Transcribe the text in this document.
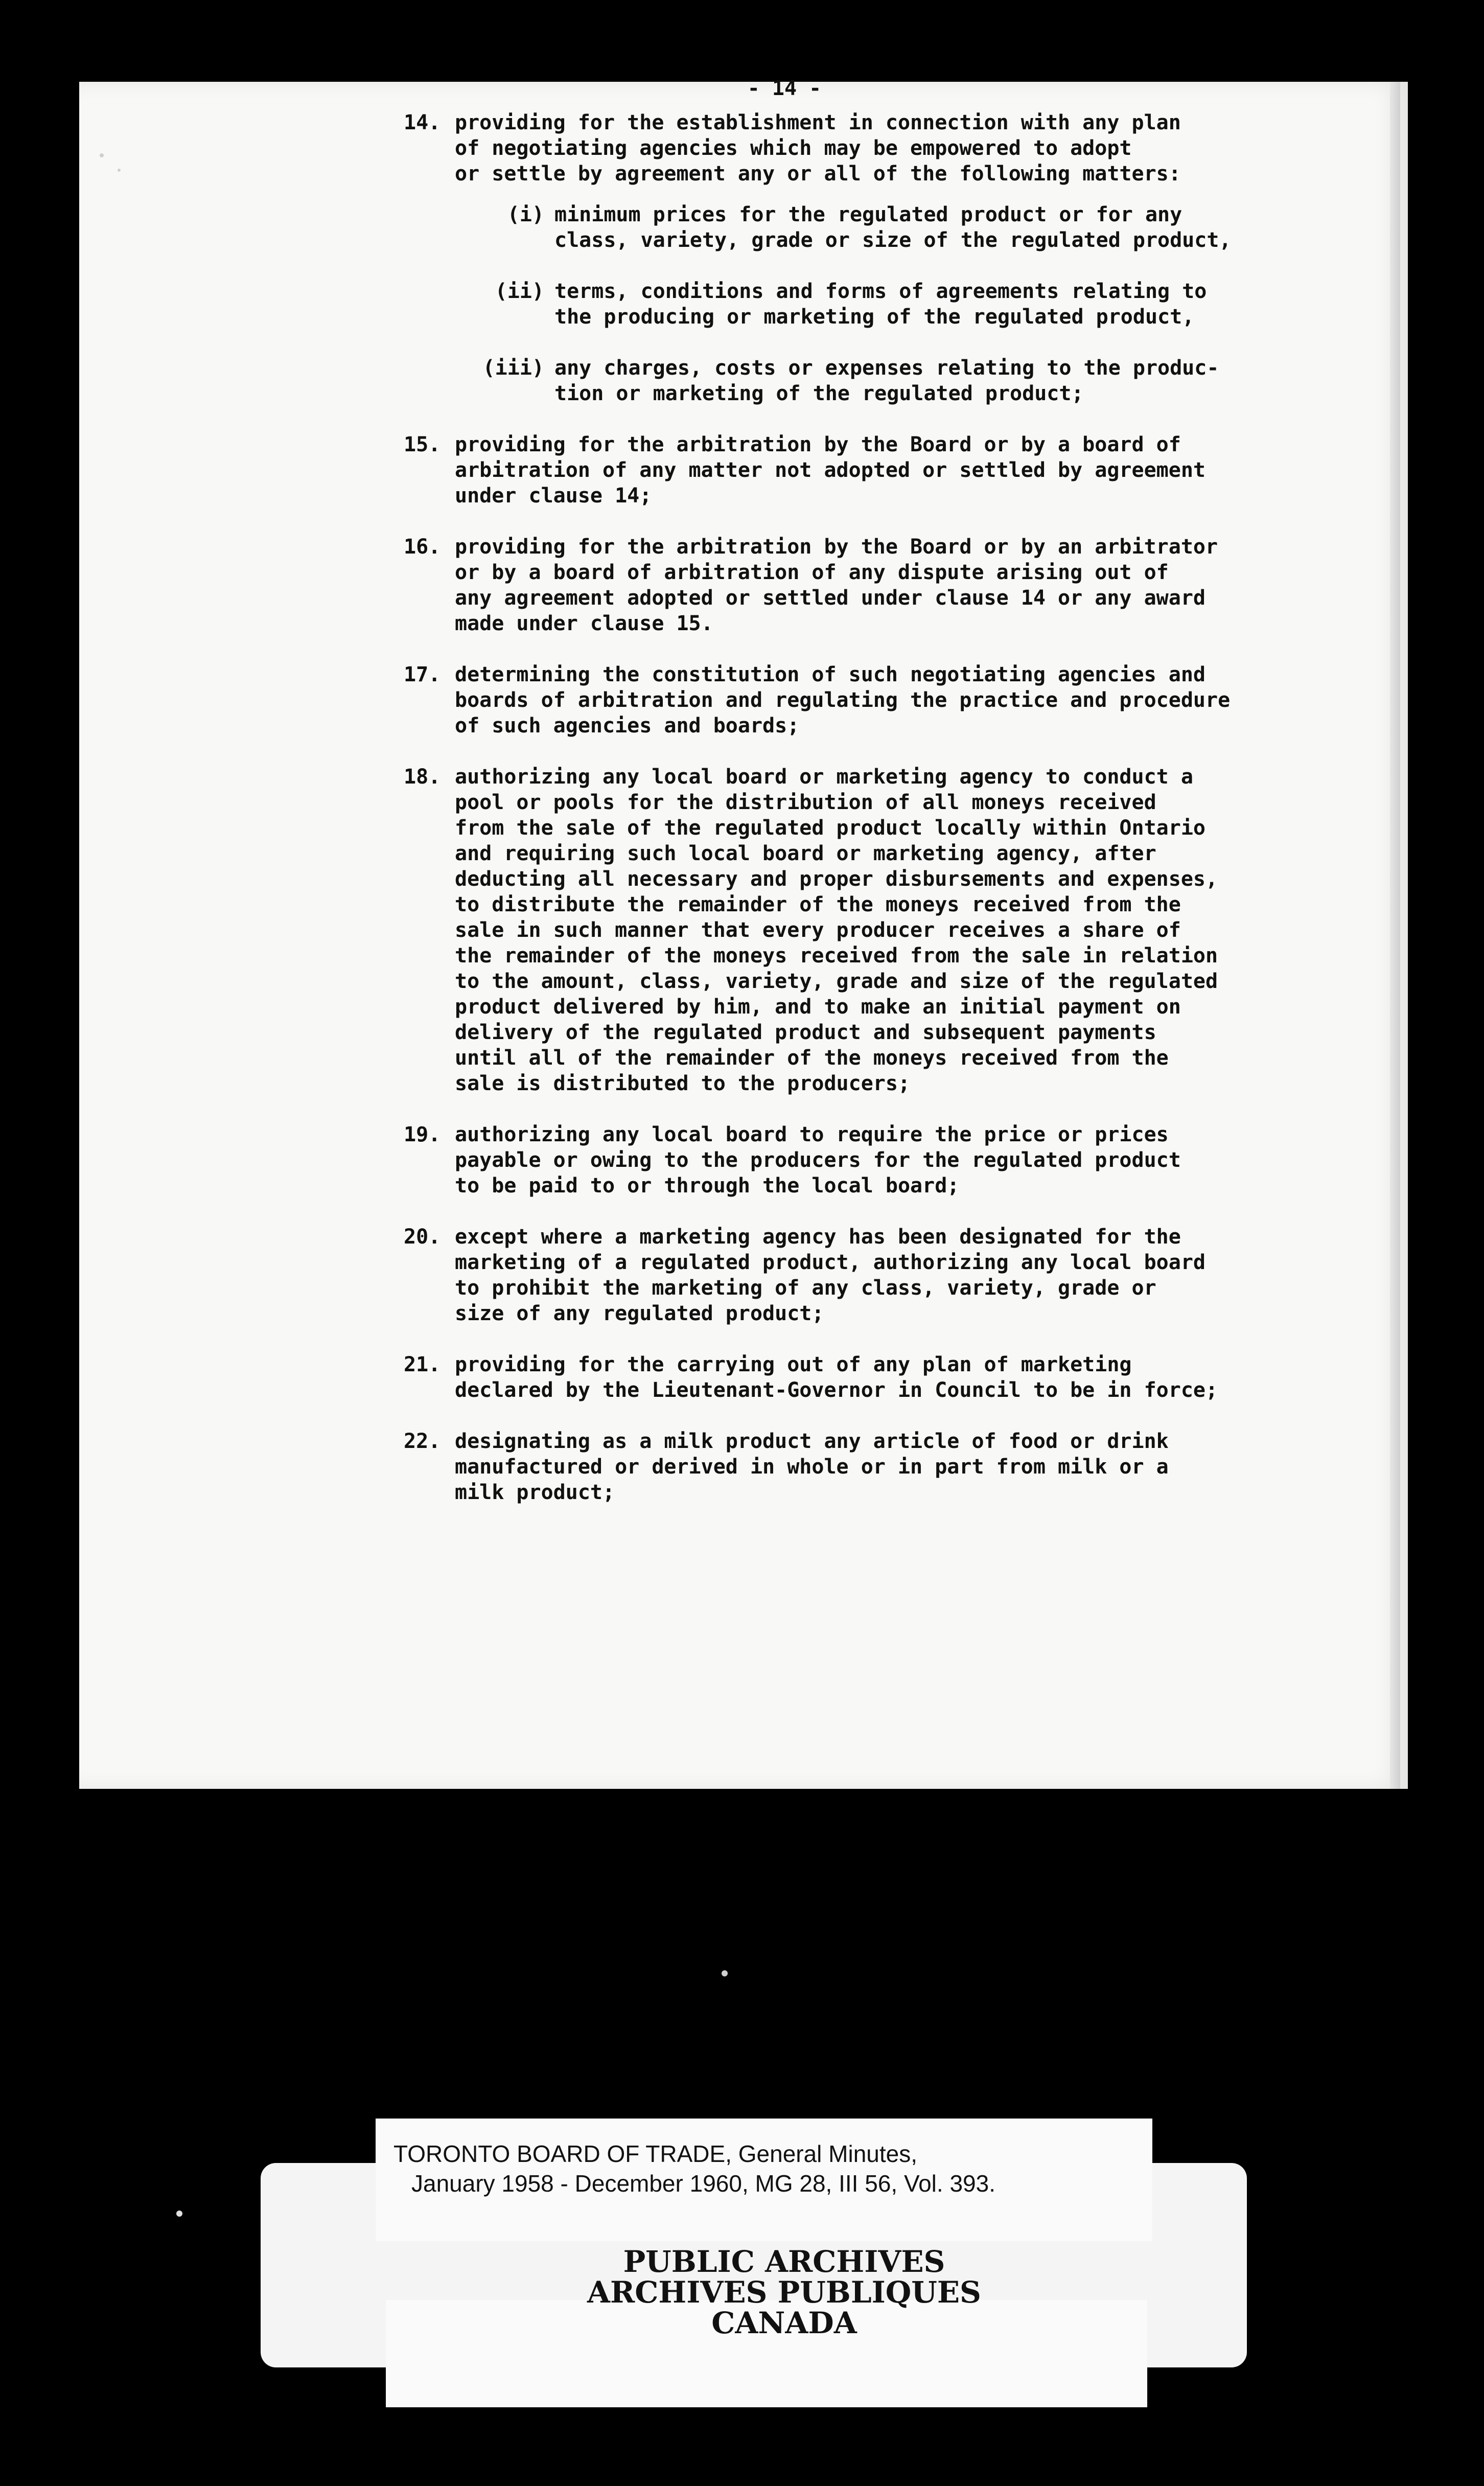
- 14 -
14. providing for the establishment in connection with any plan
of negotiating agencies which may be empowered to adopt
or settle by agreement any or all of the following matters:
(i) minimum prices for the regulated product or for any
class, variety, grade or size of the regulated product,
(ii) terms, conditions and forms of agreements relating to
the producing or marketing of the regulated product,
(iii) any charges, costs or expenses relating to the produc-
tion or marketing of the regulated product;
15. providing for the arbitration by the Board or by a board of
arbitration of any matter not adopted or settled by agreement
under clause 14;
16. providing for the arbitration by the Board or by an arbitrator
or by a board of arbitration of any dispute arising out of
any agreement adopted or settled under clause 14 or any award
made under clause 15.
17. determining the constitution of such negotiating agencies and
boards of arbitration and regulating the practice and procedure
of such agencies and boards;
18. authorizing any local board or marketing agency to conduct a
pool or pools for the distribution of all moneys received
from the sale of the regulated product locally within Ontario
and requiring such local board or marketing agency, after
deducting all necessary and proper disbursements and expenses,
to distribute the remainder of the moneys received from the
sale in such manner that every producer receives a share of
the remainder of the moneys received from the sale in relation
to the amount, class, variety, grade and size of the regulated
product delivered by him, and to make an initial payment on
delivery of the regulated product and subsequent payments
until all of the remainder of the moneys received from the
sale is distributed to the producers;
19. authorizing any local board to require the price or prices
payable or owing to the producers for the regulated product
to be paid to or through the local board;
20. except where a marketing agency has been designated for the
marketing of a regulated product, authorizing any local board
to prohibit the marketing of any class, variety, grade or
size of any regulated product;
21. providing for the carrying out of any plan of marketing
declared by the Lieutenant-Governor in Council to be in force;
22. designating as a milk product any article of food or drink
manufactured or derived in whole or in part from milk or a
milk product;
TORONTO BOARD OF TRADE, General Minutes,
January 1958 - December 1960, MG 28, III 56, Vol. 393.
PUBLIC ARCHIVES
ARCHIVES PUBLIQUES
CANADA
